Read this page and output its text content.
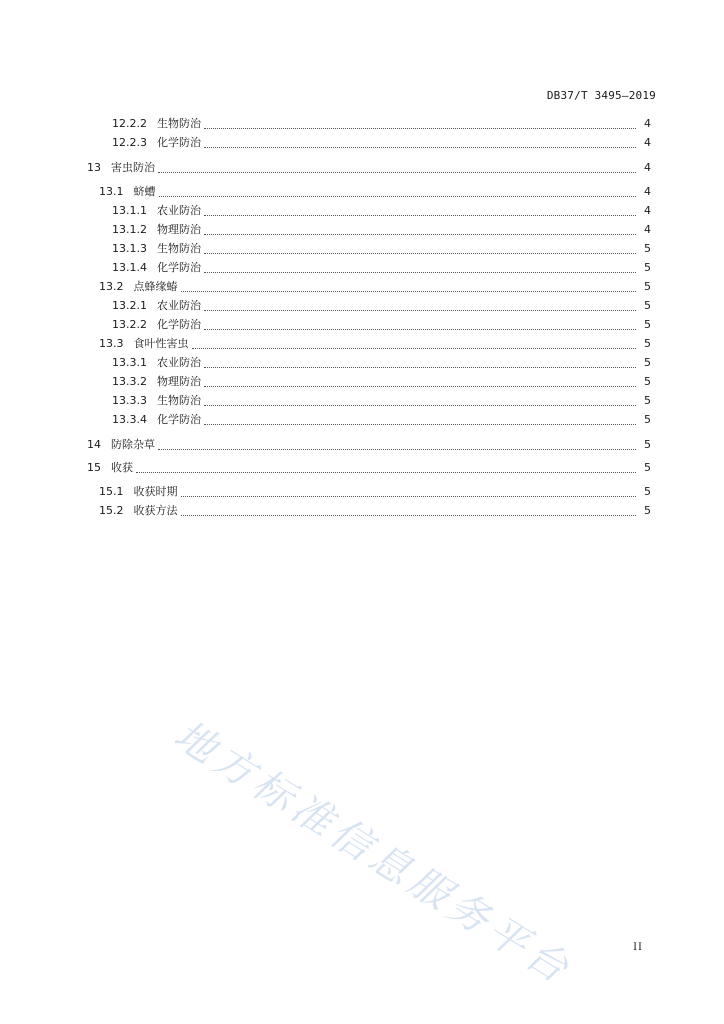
DB37/T 3495—2019
12.2.2 生物防治	4
12.2.3 化学防治	4
13 害虫防治	4
13.1 蛴螬	4
13.1.1 农业防治	4
13.1.2 物理防治	4
13.1.3 生物防治	5
13.1.4 化学防治	5
13.2 点蜂缘蝽	5
13.2.1 农业防治	5
13.2.2 化学防治	5
13.3 食叶性害虫	5
13.3.1 农业防治	5
13.3.2 物理防治	5
13.3.3 生物防治	5
13.3.4 化学防治	5
14 防除杂草	5
15 收获	5
15.1 收获时期	5
15.2 收获方法	5
地方标准信息服务平台	II
